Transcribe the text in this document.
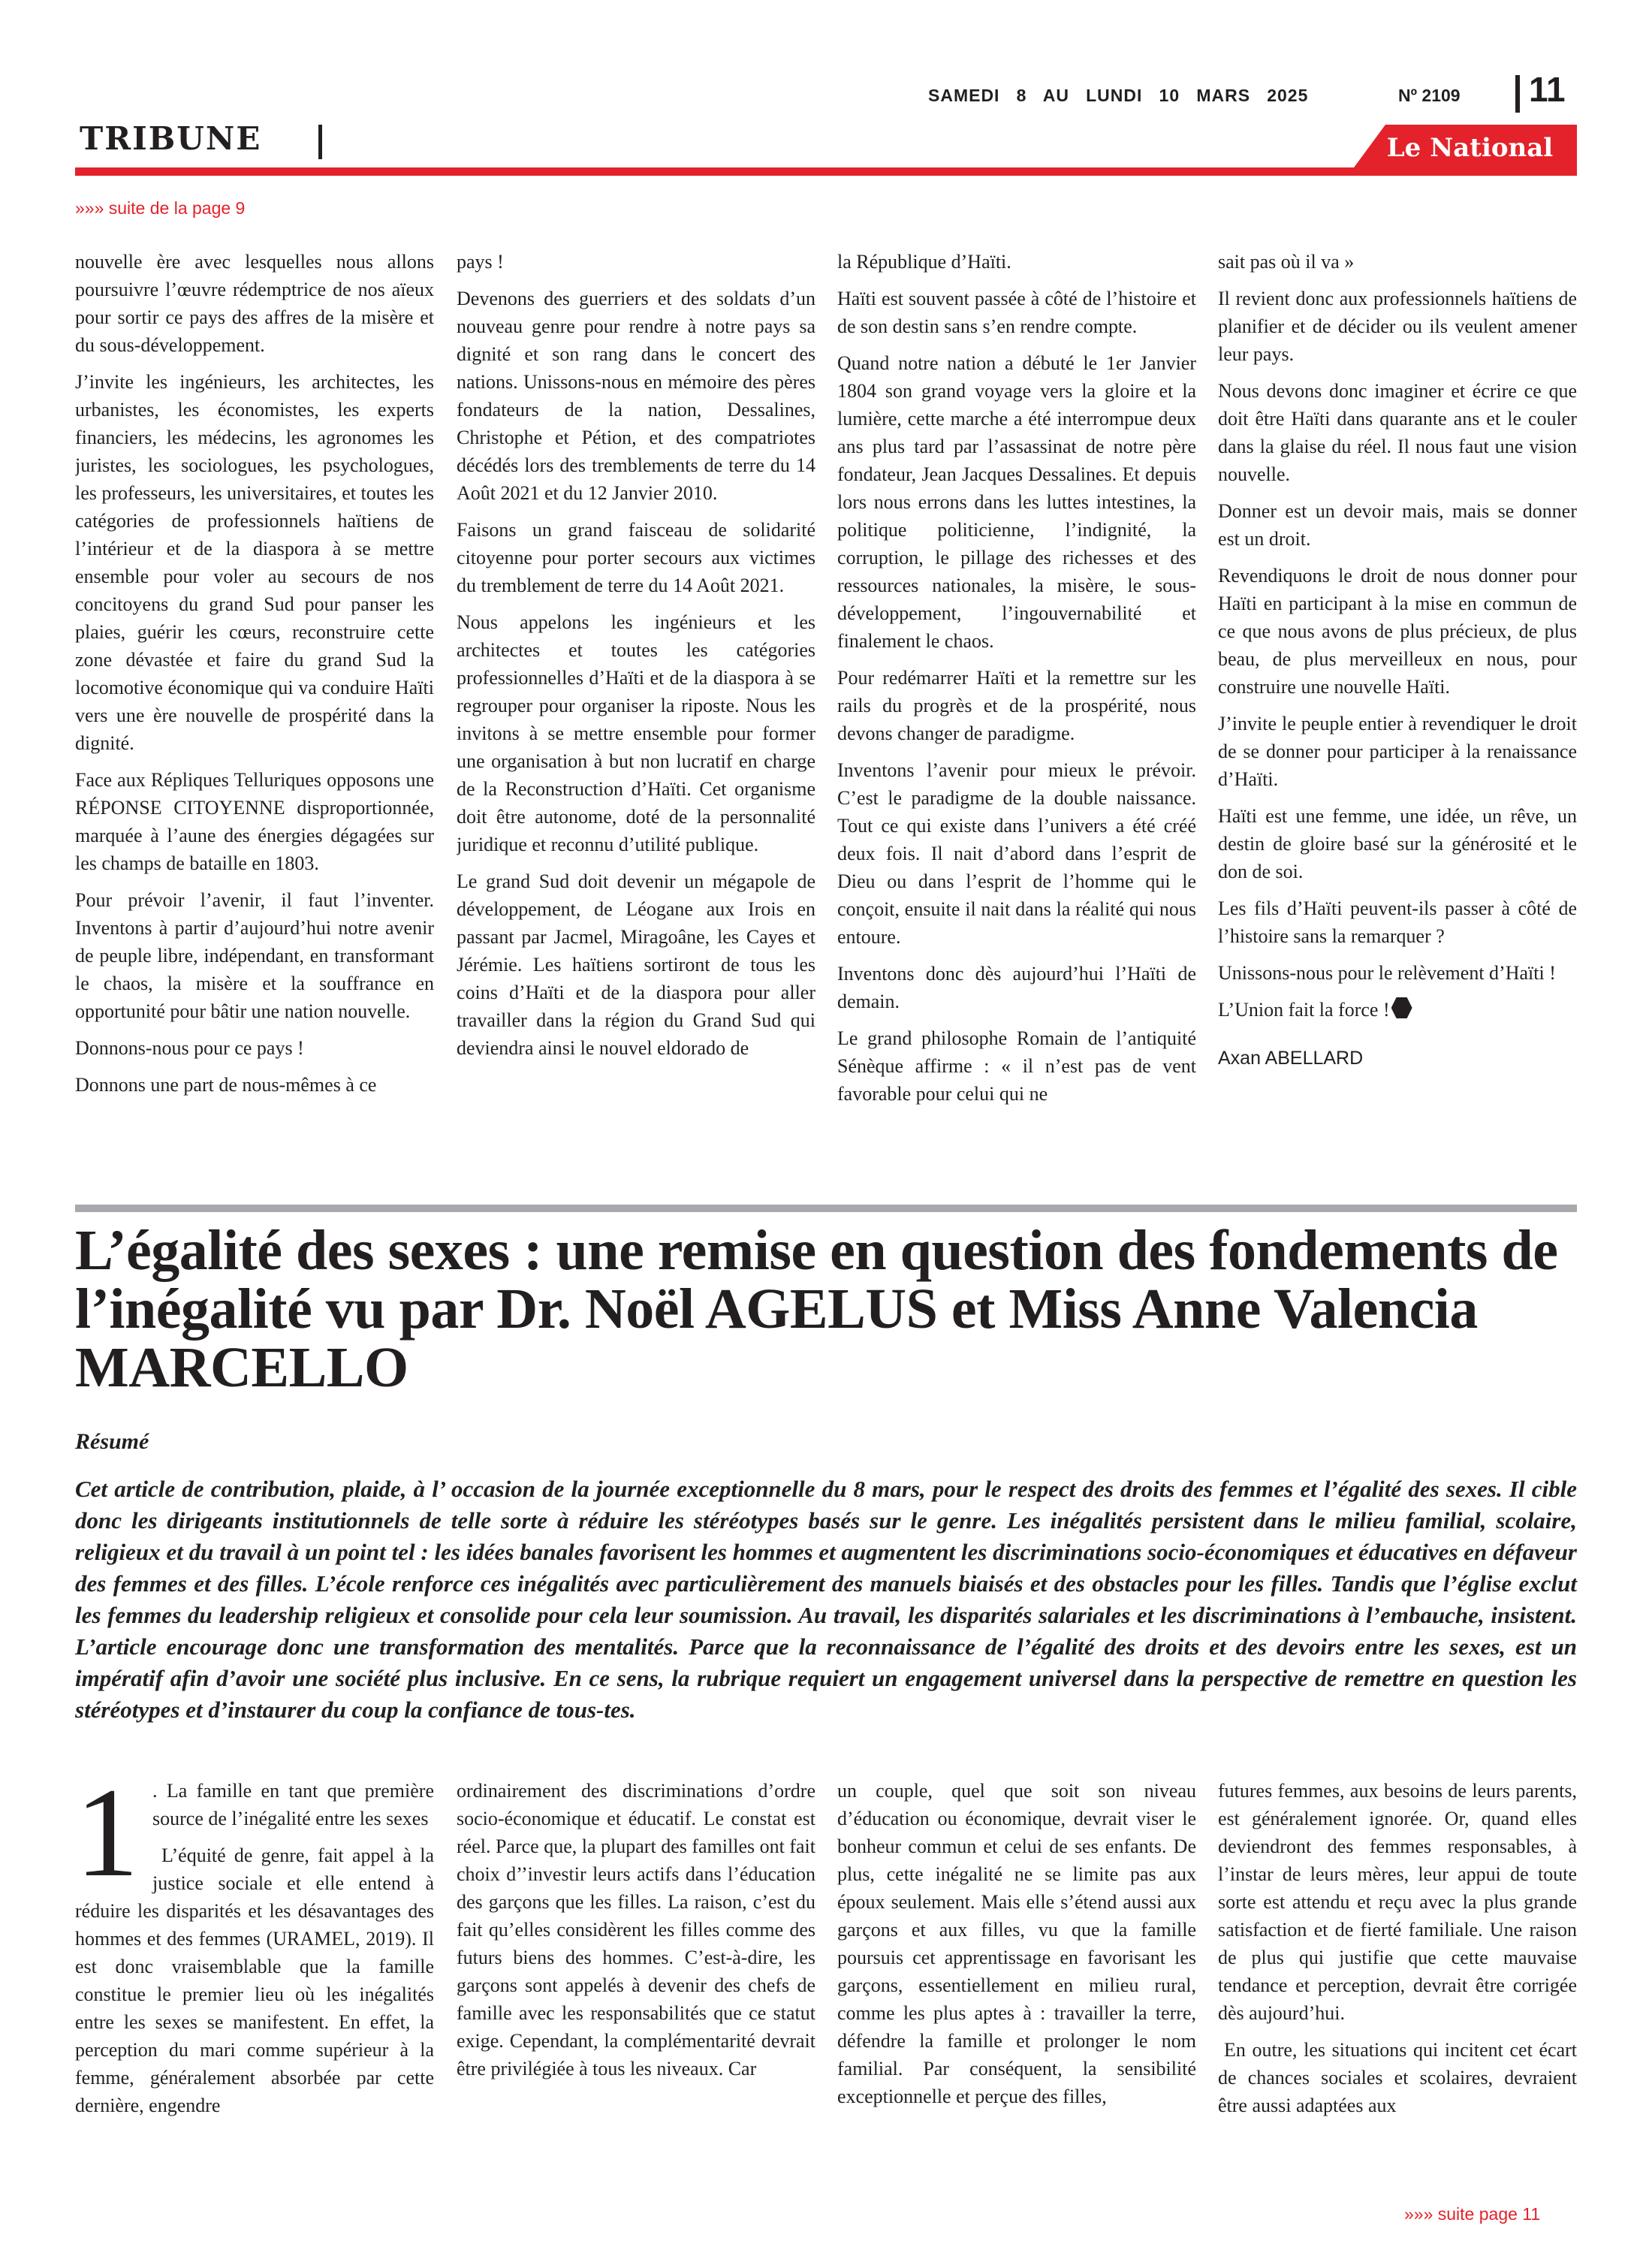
SAMEDI   8   AU   LUNDI   10   MARS   2025	Nº 2109 11
TRIBUNE	Le National
»»» suite de la page 9

nouvelle ère avec lesquelles nous allons poursuivre l’œuvre rédemptrice de nos aïeux pour sortir ce pays des affres de la misère et du sous-développement.

J’invite les ingénieurs, les architectes, les urbanistes, les économistes, les experts financiers, les médecins, les agronomes les juristes, les sociologues, les psychologues, les professeurs, les universitaires, et toutes les catégories de professionnels haïtiens de l’intérieur et de la diaspora à se mettre ensemble pour voler au secours de nos concitoyens du grand Sud pour panser les plaies, guérir les cœurs, reconstruire cette zone dévastée et faire du grand Sud la locomotive économique qui va conduire Haïti vers une ère nouvelle de prospérité dans la dignité.

Face aux Répliques Telluriques opposons une RÉPONSE CITOYENNE disproportionnée, marquée à l’aune des énergies dégagées sur les champs de bataille en 1803.

Pour prévoir l’avenir, il faut l’inventer. Inventons à partir d’aujourd’hui notre avenir de peuple libre, indépendant, en transformant le chaos, la misère et la souffrance en opportunité pour bâtir une nation nouvelle.

Donnons-nous pour ce pays !

Donnons une part de nous-mêmes à ce

pays !

Devenons des guerriers et des soldats d’un nouveau genre pour rendre à notre pays sa dignité et son rang dans le concert des nations. Unissons-nous en mémoire des pères fondateurs de la nation, Dessalines, Christophe et Pétion, et des compatriotes décédés lors des tremblements de terre du 14 Août 2021 et du 12 Janvier 2010.

Faisons un grand faisceau de solidarité citoyenne pour porter secours aux victimes du tremblement de terre du 14 Août 2021.

Nous appelons les ingénieurs et les architectes et toutes les catégories professionnelles d’Haïti et de la diaspora à se regrouper pour organiser la riposte. Nous les invitons à se mettre ensemble pour former une organisation à but non lucratif en charge de la Reconstruction d’Haïti. Cet organisme doit être autonome, doté de la personnalité juridique et reconnu d’utilité publique.

Le grand Sud doit devenir un mégapole de développement, de Léogane aux Irois en passant par Jacmel, Miragoâne, les Cayes et Jérémie. Les haïtiens sortiront de tous les coins d’Haïti et de la diaspora pour aller travailler dans la région du Grand Sud qui deviendra ainsi le nouvel eldorado de

la République d’Haïti.

Haïti est souvent passée à côté de l’histoire et de son destin sans s’en rendre compte.

Quand notre nation a débuté le 1er Janvier 1804 son grand voyage vers la gloire et la lumière, cette marche a été interrompue deux ans plus tard par l’assassinat de notre père fondateur, Jean Jacques Dessalines. Et depuis lors nous errons dans les luttes intestines, la politique politicienne, l’indignité, la corruption, le pillage des richesses et des ressources nationales, la misère, le sous-développement, l’ingouvernabilité et finalement le chaos.

Pour redémarrer Haïti et la remettre sur les rails du progrès et de la prospérité, nous devons changer de paradigme.

Inventons l’avenir pour mieux le prévoir. C’est le paradigme de la double naissance. Tout ce qui existe dans l’univers a été créé deux fois. Il nait d’abord dans l’esprit de Dieu ou dans l’esprit de l’homme qui le conçoit, ensuite il nait dans la réalité qui nous entoure.

Inventons donc dès aujourd’hui l’Haïti de demain.

Le grand philosophe Romain de l’antiquité Sénèque affirme : « il n’est pas de vent favorable pour celui qui ne

sait pas où il va »

Il revient donc aux professionnels haïtiens de planifier et de décider ou ils veulent amener leur pays.

Nous devons donc imaginer et écrire ce que doit être Haïti dans quarante ans et le couler dans la glaise du réel. Il nous faut une vision nouvelle.

Donner est un devoir mais, mais se donner est un droit.

Revendiquons le droit de nous donner pour Haïti en participant à la mise en commun de ce que nous avons de plus précieux, de plus beau, de plus merveilleux en nous, pour construire une nouvelle Haïti.

J’invite le peuple entier à revendiquer le droit de se donner pour participer à la renaissance d’Haïti.

Haïti est une femme, une idée, un rêve, un destin de gloire basé sur la générosité et le don de soi.

Les fils d’Haïti peuvent-ils passer à côté de l’histoire sans la remarquer ?

Unissons-nous pour le relèvement d’Haïti !

L’Union fait la force !

Axan ABELLARD
L’égalité des sexes : une remise en question des fondements de l’inégalité vu par Dr. Noël AGELUS et Miss Anne Valencia MARCELLO
Résumé
Cet article de contribution, plaide, à l’ occasion de la journée exceptionnelle du 8 mars, pour le respect des droits des femmes et l’égalité des sexes. Il cible donc les dirigeants institutionnels de telle sorte à réduire les stéréotypes basés sur le genre. Les inégalités persistent dans le milieu familial, scolaire, religieux et du travail à un point tel : les idées banales favorisent les hommes et augmentent les discriminations socio-économiques et éducatives en défaveur des femmes et des filles. L’école renforce ces inégalités avec particulièrement des manuels biaisés et des obstacles pour les filles. Tandis que l’église exclut les femmes du leadership religieux et consolide pour cela leur soumission. Au travail, les disparités salariales et les discriminations à l’embauche, insistent. L’article encourage donc une transformation des mentalités. Parce que la reconnaissance de l’égalité des droits et des devoirs entre les sexes, est un impératif afin d’avoir une société plus inclusive. En ce sens, la rubrique requiert un engagement universel dans la perspective de remettre en question les stéréotypes et d’instaurer du coup la confiance de tous-tes.
1 . La famille en tant que première source de l’inégalité entre les sexes

L’équité de genre, fait appel à la justice sociale et elle entend à réduire les disparités et les désavantages des hommes et des femmes (URAMEL, 2019). Il est donc vraisemblable que la famille constitue le premier lieu où les inégalités entre les sexes se manifestent. En effet, la perception du mari comme supérieur à la femme, généralement absorbée par cette dernière, engendre

ordinairement des discriminations d’ordre socio-économique et éducatif. Le constat est réel. Parce que, la plupart des familles ont fait choix d’’investir leurs actifs dans l’éducation des garçons que les filles. La raison, c’est du fait qu’elles considèrent les filles comme des futurs biens des hommes. C’est-à-dire, les garçons sont appelés à devenir des chefs de famille avec les responsabilités que ce statut exige. Cependant, la complémentarité devrait être privilégiée à tous les niveaux. Car

un couple, quel que soit son niveau d’éducation ou économique, devrait viser le bonheur commun et celui de ses enfants. De plus, cette inégalité ne se limite pas aux époux seulement. Mais elle s’étend aussi aux garçons et aux filles, vu que la famille poursuis cet apprentissage en favorisant les garçons, essentiellement en milieu rural, comme les plus aptes à : travailler la terre, défendre la famille et prolonger le nom familial. Par conséquent, la sensibilité exceptionnelle et perçue des filles,

futures femmes, aux besoins de leurs parents, est généralement ignorée. Or, quand elles deviendront des femmes responsables, à l’instar de leurs mères, leur appui de toute sorte est attendu et reçu avec la plus grande satisfaction et de fierté familiale. Une raison de plus qui justifie que cette mauvaise tendance et perception, devrait être corrigée dès aujourd’hui.

En outre, les situations qui incitent cet écart de chances sociales et scolaires, devraient être aussi adaptées aux

»»» suite page 11
